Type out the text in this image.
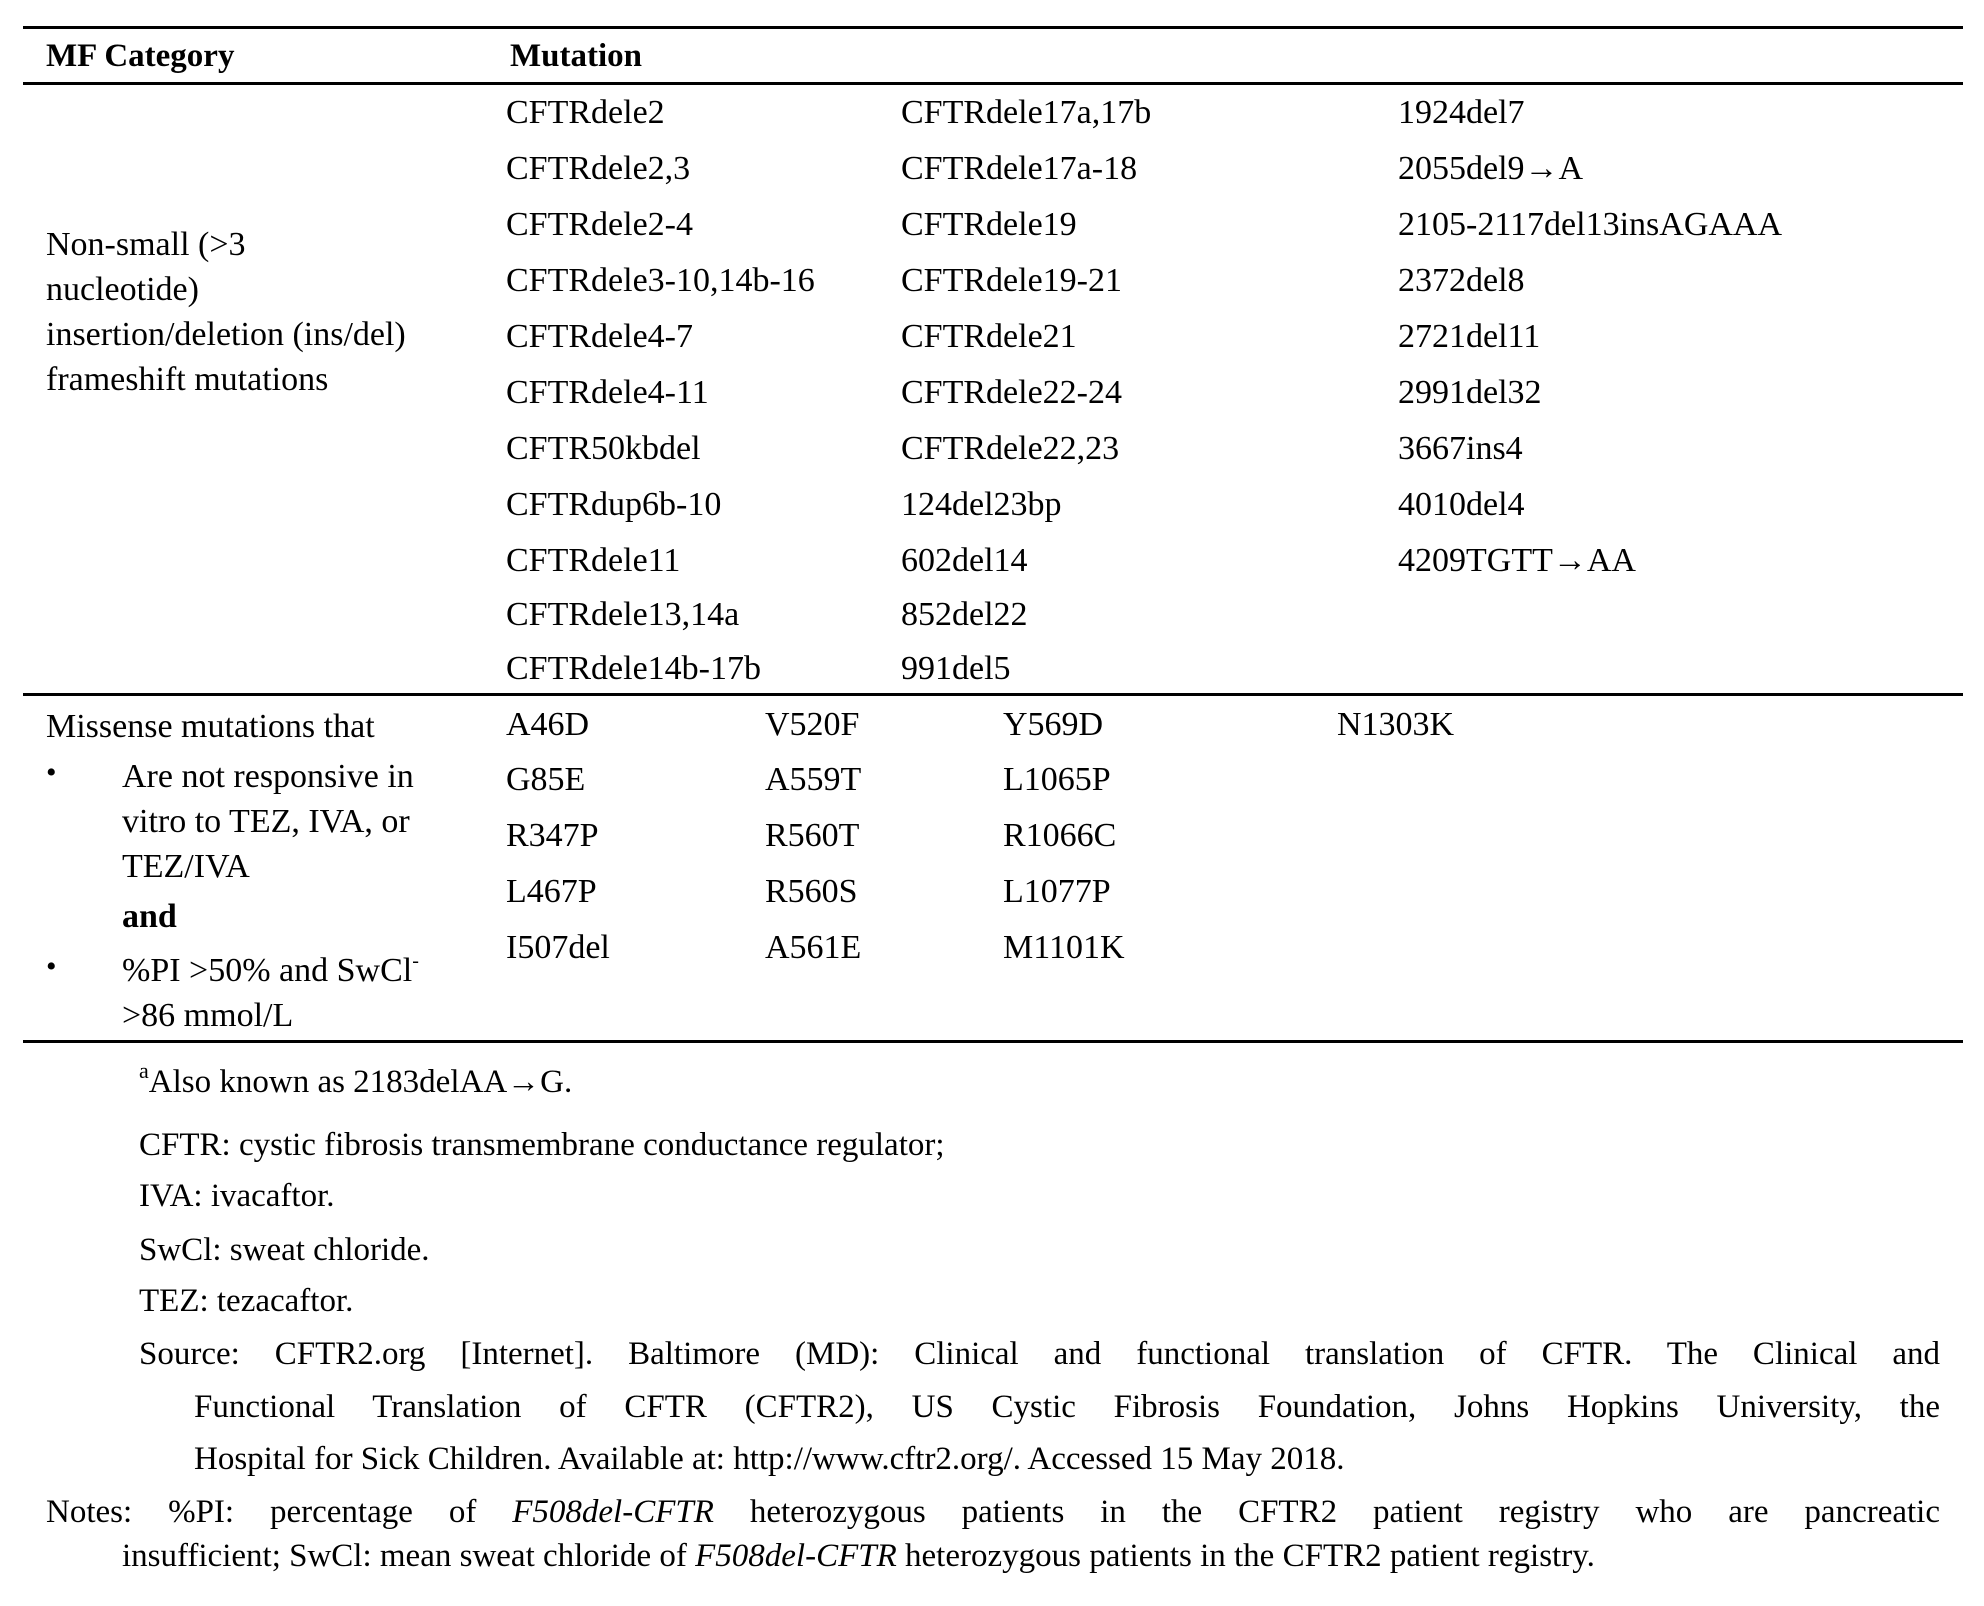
MF Category	Mutation
Non-small (>3
nucleotide)
insertion/deletion (ins/del)
frameshift mutations
CFTRdele2
CFTRdele2,3
CFTRdele2-4
CFTRdele3-10,14b-16
CFTRdele4-7
CFTRdele4-11
CFTR50kbdel
CFTRdup6b-10
CFTRdele11
CFTRdele13,14a
CFTRdele14b-17b
CFTRdele17a,17b
CFTRdele17a-18
CFTRdele19
CFTRdele19-21
CFTRdele21
CFTRdele22-24
CFTRdele22,23
124del23bp
602del14
852del22
991del5
1924del7
2055del9→A
2105-2117del13insAGAAA
2372del8
2721del11
2991del32
3667ins4
4010del4
4209TGTT→AA
Missense mutations that
• Are not responsive in
vitro to TEZ, IVA, or
TEZ/IVA
and
• %PI >50% and SwCl-
>86 mmol/L
A46D
G85E
R347P
L467P
I507del
V520F
A559T
R560T
R560S
A561E
Y569D
L1065P
R1066C
L1077P
M1101K
N1303K
$^a$Also known as 2183delAA→G.
CFTR: cystic fibrosis transmembrane conductance regulator;
IVA: ivacaftor.
SwCl: sweat chloride.
TEZ: tezacaftor.
Source: CFTR2.org [Internet]. Baltimore (MD): Clinical and functional translation of CFTR. The Clinical and
Functional Translation of CFTR (CFTR2), US Cystic Fibrosis Foundation, Johns Hopkins University, the
Hospital for Sick Children. Available at: http://www.cftr2.org/. Accessed 15 May 2018.
Notes: %PI: percentage of F508del-CFTR heterozygous patients in the CFTR2 patient registry who are pancreatic
insufficient; SwCl: mean sweat chloride of F508del-CFTR heterozygous patients in the CFTR2 patient registry.
